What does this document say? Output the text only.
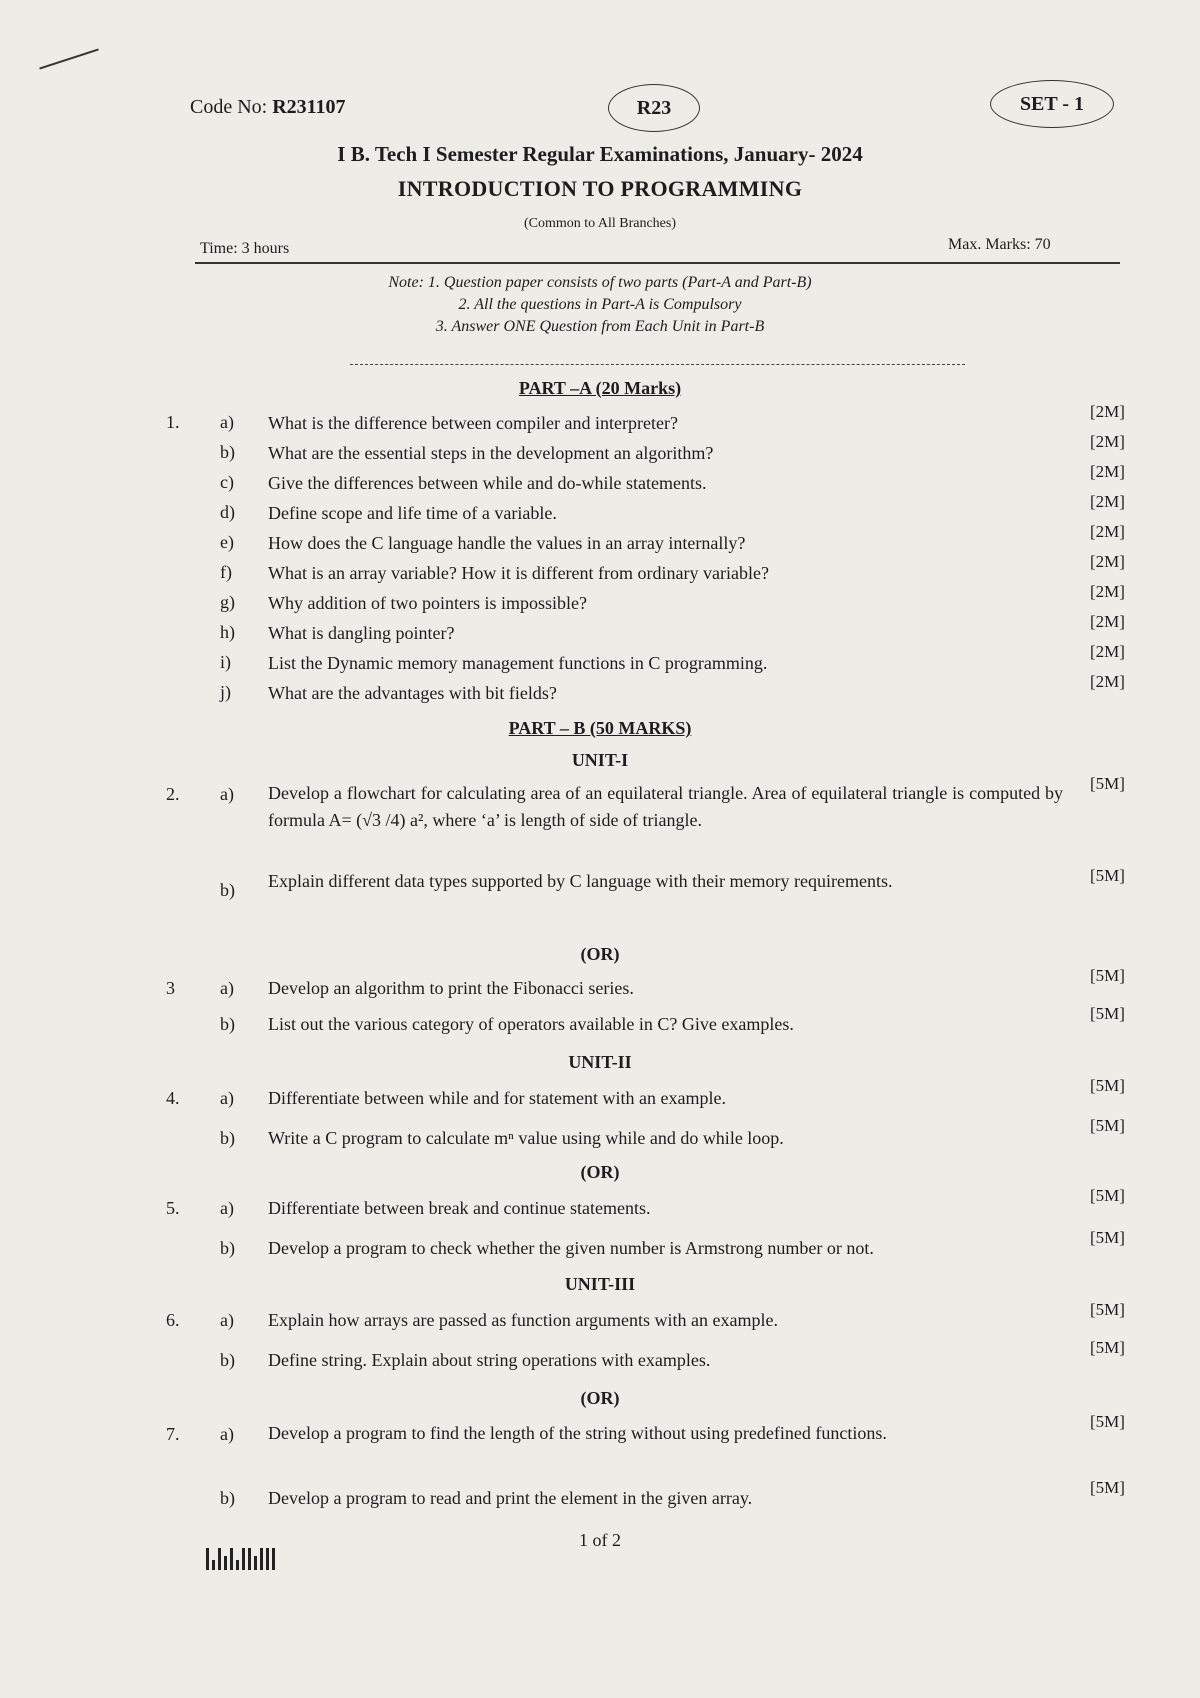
Code No: R231107	R23	SET - 1
I B. Tech I Semester Regular Examinations, January- 2024
INTRODUCTION TO PROGRAMMING
(Common to All Branches)
Time: 3 hours	Max. Marks: 70
Note: 1. Question paper consists of two parts (Part-A and Part-B)
2. All the questions in Part-A is Compulsory
3. Answer ONE Question from Each Unit in Part-B
PART –A (20 Marks)
1. a) What is the difference between compiler and interpreter?
[2M]
b) What are the essential steps in the development an algorithm?
[2M]
c) Give the differences between while and do-while statements.
[2M]
d) Define scope and life time of a variable.
[2M]
e) How does the C language handle the values in an array internally?
[2M]
f) What is an array variable? How it is different from ordinary variable?
[2M]
g) Why addition of two pointers is impossible?
[2M]
h) What is dangling pointer?
[2M]
i) List the Dynamic memory management functions in C programming.
[2M]
j) What are the advantages with bit fields?
[2M]
PART – B (50 MARKS)
UNIT-I
2. a) Develop a flowchart for calculating area of an equilateral triangle. Area of equilateral triangle is computed by formula A= (√3 /4) a², where ‘a’ is length of side of triangle.
[5M]
b) Explain different data types supported by C language with their memory requirements.	[5M]
(OR)
3	a) Develop an algorithm to print the Fibonacci series.
[5M]
b) List out the various category of operators available in C? Give examples.
[5M]
UNIT-II
4. a) Differentiate between while and for statement with an example.
[5M]
b) Write a C program to calculate mⁿ value using while and do while loop.
[5M]
(OR)
5. a) Differentiate between break and continue statements.
[5M]
b) Develop a program to check whether the given number is Armstrong number or not.
[5M]
UNIT-III
6. a) Explain how arrays are passed as function arguments with an example.
[5M]
b) Define string. Explain about string operations with examples.
[5M]
(OR)
7. a) Develop a program to find the length of the string without using predefined functions.
[5M]
b) Develop a program to read and print the element in the given array.
[5M]
1 of 2
